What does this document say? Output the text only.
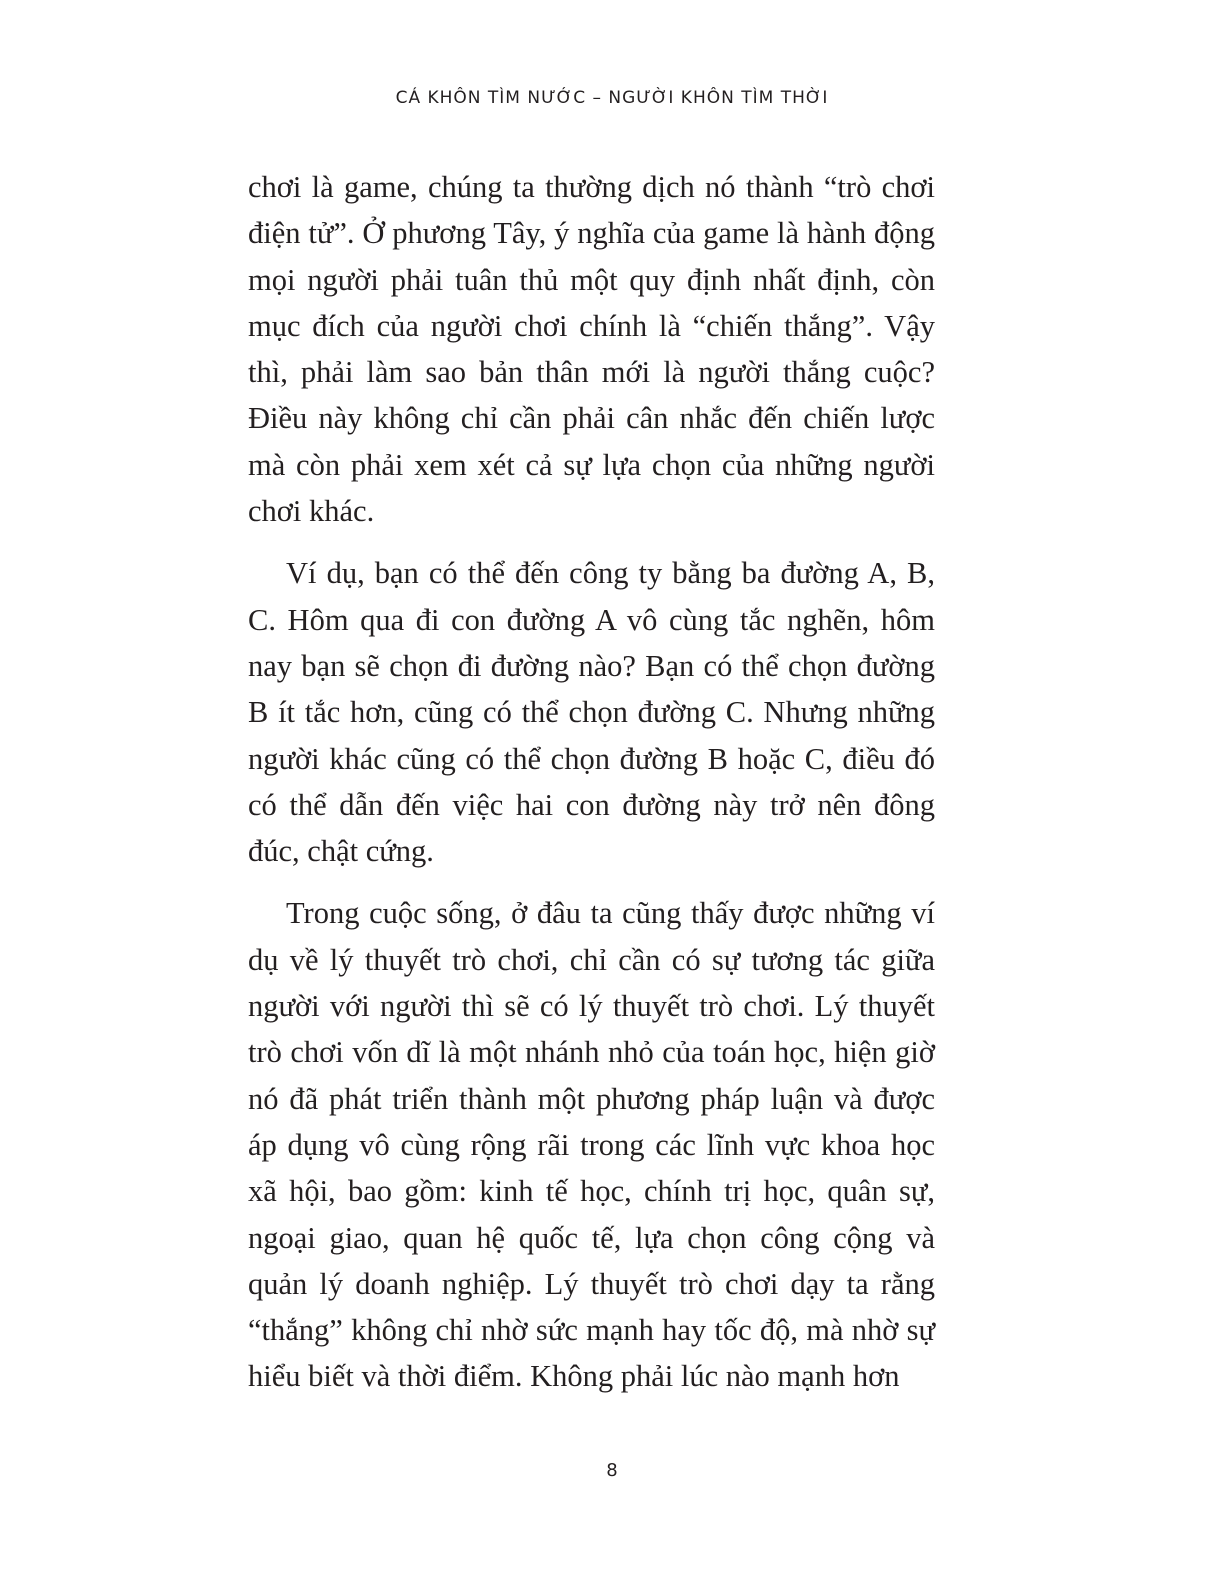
CÁ KHÔN TÌM NƯỚC – NGƯỜI KHÔN TÌM THỜI

chơi là game, chúng ta thường dịch nó thành “trò chơi điện tử”. Ở phương Tây, ý nghĩa của game là hành động mọi người phải tuân thủ một quy định nhất định, còn mục đích của người chơi chính là “chiến thắng”. Vậy thì, phải làm sao bản thân mới là người thắng cuộc? Điều này không chỉ cần phải cân nhắc đến chiến lược mà còn phải xem xét cả sự lựa chọn của những người chơi khác.

Ví dụ, bạn có thể đến công ty bằng ba đường A, B, C. Hôm qua đi con đường A vô cùng tắc nghẽn, hôm nay bạn sẽ chọn đi đường nào? Bạn có thể chọn đường B ít tắc hơn, cũng có thể chọn đường C. Nhưng những người khác cũng có thể chọn đường B hoặc C, điều đó có thể dẫn đến việc hai con đường này trở nên đông đúc, chật cứng.

Trong cuộc sống, ở đâu ta cũng thấy được những ví dụ về lý thuyết trò chơi, chỉ cần có sự tương tác giữa người với người thì sẽ có lý thuyết trò chơi. Lý thuyết trò chơi vốn dĩ là một nhánh nhỏ của toán học, hiện giờ nó đã phát triển thành một phương pháp luận và được áp dụng vô cùng rộng rãi trong các lĩnh vực khoa học xã hội, bao gồm: kinh tế học, chính trị học, quân sự, ngoại giao, quan hệ quốc tế, lựa chọn công cộng và quản lý doanh nghiệp. Lý thuyết trò chơi dạy ta rằng “thắng” không chỉ nhờ sức mạnh hay tốc độ, mà nhờ sự hiểu biết và thời điểm. Không phải lúc nào mạnh hơn

8
